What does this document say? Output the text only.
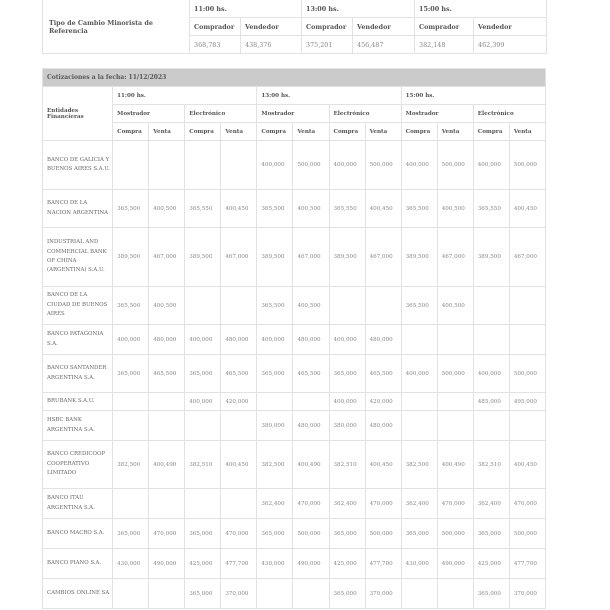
Tipo de Cambio Minorista de Referencia	11:00 hs.		13:00 hs.		15:00 hs.	
	Comprador	Vendedor	Comprador	Vendedor	Comprador	Vendedor
	368,783	438,376	375,201	456,487	382,148	462,399
Cotizaciones a la fecha: 11/12/2023												
Entidades Financieras	11:00 hs.				13:00 hs.				15:00 hs.			
	Mostrador		Electrónico		Mostrador		Electrónico		Mostrador		Electrónico	
	Compra	Venta	Compra	Venta	Compra	Venta	Compra	Venta	Compra	Venta	Compra	Venta
BANCO DE GALICIA Y BUENOS AIRES S.A.U.					400,000	500,000	400,000	500,000	400,000	500,000	400,000	500,000
BANCO DE LA NACION ARGENTINA	365,500	400,500	365,550	400,450	365,500	400,500	365,550	400,450	365,500	400,500	365,550	400,450
INDUSTRIAL AND COMMERCIAL BANK OF CHINA (ARGENTINA) S.A.U.	389,500	467,000	389,500	467,000	389,500	467,000	389,500	467,000	389,500	467,000	389,500	467,000
BANCO DE LA CIUDAD DE BUENOS AIRES	365,500	400,500			365,500	400,500			365,500	400,500		
BANCO PATAGONIA S.A.	400,000	480,000	400,000	480,000	400,000	480,000	400,000	480,000				
BANCO SANTANDER ARGENTINA S.A.	365,000	465,500	365,000	465,500	365,000	465,500	365,000	465,500	400,000	500,000	400,000	500,000
BRUBANK S.A.U.			400,000	420,000			400,000	420,000			485,000	495,000
HSBC BANK ARGENTINA S.A.					380,000	480,000	380,000	480,000				
BANCO CREDICOOP COOPERATIVO LIMITADO	382,500	400,490	382,510	400,450	382,500	400,490	382,510	400,450	382,500	400,490	382,510	400,450
BANCO ITAU ARGENTINA S.A.					362,400	470,000	362,400	470,000	362,400	470,000	362,400	470,000
BANCO MACRO S.A.	365,000	470,000	365,000	470,000	365,000	500,000	365,000	500,000	365,000	500,000	365,000	500,000
BANCO PIANO S.A.	430,000	490,000	425,000	477,700	430,000	490,000	425,000	477,700	430,000	490,000	425,000	477,700
CAMBIOS ONLINE SA			365,000	370,000			365,000	370,000			365,000	370,000
